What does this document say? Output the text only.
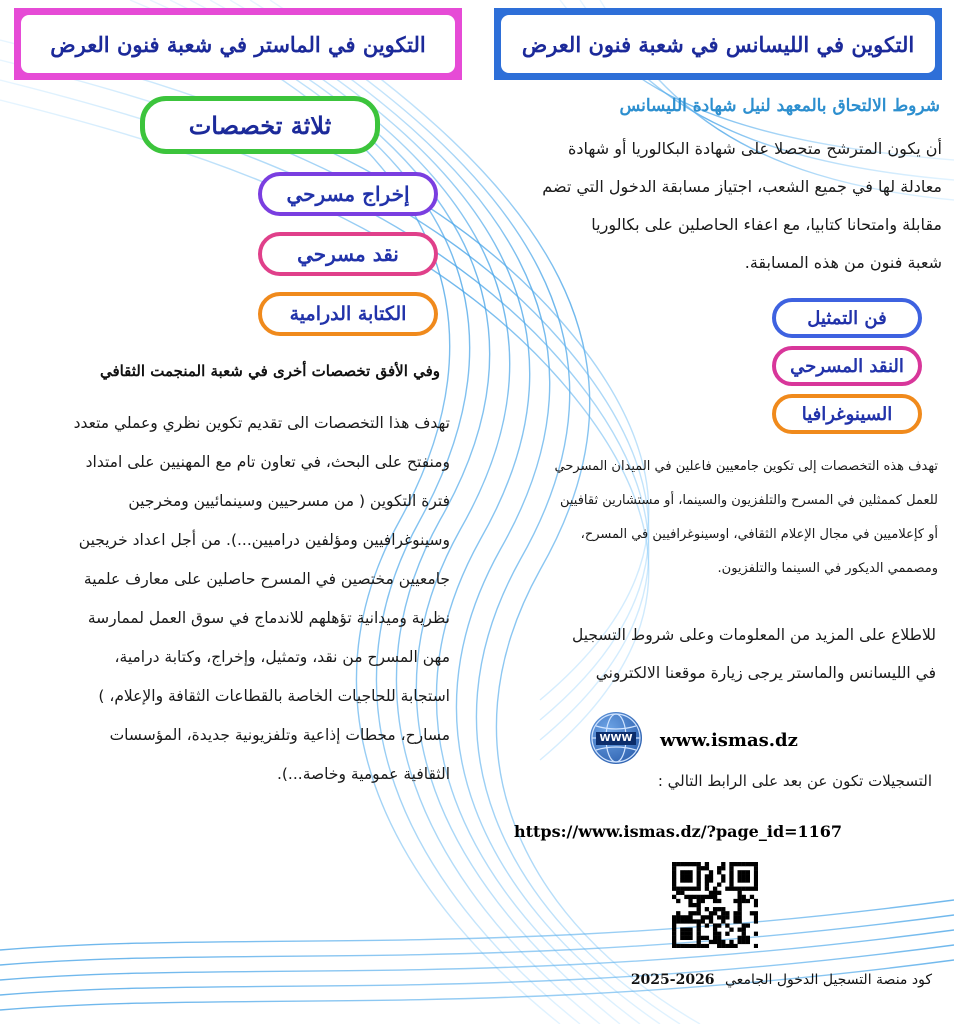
التكوين في الماستر في شعبة فنون العرض	التكوين في الليسانس في شعبة فنون العرض
ثلاثة تخصصات
إخراج مسرحي
نقد مسرحي
الكتابة الدرامية
وفي الأفق تخصصات أخرى في شعبة المنجمت الثقافي
تهدف هذا التخصصات الى تقديم تكوين نظري وعملي متعدد
ومنفتح على البحث، في تعاون تام مع المهنيين على امتداد
فترة التكوين ( من مسرحيين وسينمائيين ومخرجين
وسينوغرافيين ومؤلفين دراميين...). من أجل اعداد خريجين
جامعيين مختصين في المسرح حاصلين على معارف علمية
نظرية وميدانية تؤهلهم للاندماج في سوق العمل لممارسة
مهن المسرح من نقد، وتمثيل، وإخراج، وكتابة درامية،
استجابة للحاجيات الخاصة بالقطاعات الثقافة والإعلام، )
مسارح، محطات إذاعية وتلفزيونية جديدة، المؤسسات
الثقافية عمومية وخاصة...).
شروط الالتحاق بالمعهد لنيل شهادة الليسانس
أن يكون المترشح متحصلا على شهادة البكالوريا أو شهادة
معادلة لها في جميع الشعب، اجتياز مسابقة الدخول التي تضم
مقابلة وامتحانا كتابيا، مع اعفاء الحاصلين على بكالوريا
شعبة فنون من هذه المسابقة.
فن التمثيل
النقد المسرحي
السينوغرافيا
تهدف هذه التخصصات إلى تكوين جامعيين فاعلين في الميدان المسرحي
للعمل كممثلين في المسرح والتلفزيون والسينما، أو مستشارين ثقافيين
أو كإعلاميين في مجال الإعلام الثقافي، اوسينوغرافيين في المسرح،
ومصممي الديكور في السينما والتلفزيون.
للاطلاع على المزيد من المعلومات وعلى شروط التسجيل
في الليسانس والماستر يرجى زيارة موقعنا الالكتروني
WWW www.ismas.dz
التسجيلات تكون عن بعد على الرابط التالي :
https://www.ismas.dz/?page_id=1167
كود منصة التسجيل الدخول الجامعي 2025-2026
